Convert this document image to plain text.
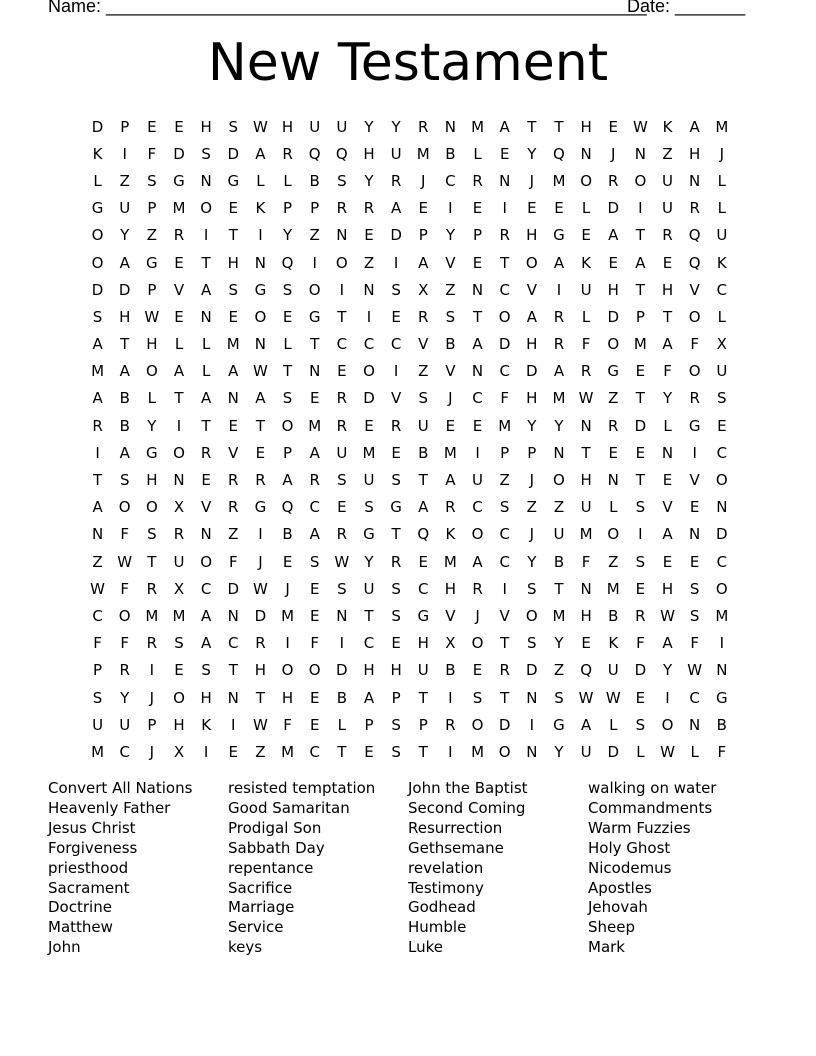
Name: ______________________________________________________
Date: _______
New Testament
D	P	E	E	H	S W H	U	U	Y	Y	R	N	M	A	T	T	H	E W K	A	M
K	I	F	D	S	D	A	R	Q	Q	H	U	M	B	L	E	Y	Q	N	J	N	Z	H	J
L	Z	S	G	N	G	L	L	B	S	Y	R	J	C	R	N	J	M O	R	O	U	N	L
G	U	P	M O	E	K	P	P	R	R	A	E	I	E	I	E	E	L	D	I	U	R	L
O	Y	Z	R	I	T	I	Y	Z	N	E	D	P	Y	P	R	H	G	E	A	T	R	Q	U
O	A	G	E	T	H	N	Q	I	O	Z	I	A	V	E	T	O	A	K	E	A	E	Q	K
D	D	P	V	A	S	G	S	O	I	N	S	X	Z	N	C	V	I	U	H	T	H	V	C
S	H W E	N	E	O	E	G	T	I	E	R	S	T	O	A	R	L	D	P	T	O	L
A	T	H	L	L	M	N	L	T	C	C	C	V	B	A	D	H	R	F	O M	A	F	X
M	A	O	A	L	A W	T	N	E	O	I	Z	V	N	C	D	A	R	G	E	F	O	U
A	B	L	T	A	N	A	S	E	R	D	V	S	J	C	F	H	M W Z	T	Y	R	S
R	B	Y	I	T	E	T	O M	R	E	R	U	E	E	M	Y	Y	N	R	D	L	G	E
I	A	G	O	R	V	E	P	A	U	M	E	B	M	I	P	P	N	T	E	E	N	I	C
T	S	H	N	E	R	R	A	R	S	U	S	T	A	U	Z	J	O	H	N	T	E	V	O
A	O	O	X	V	R	G	Q	C	E	S	G	A	R	C	S	Z	Z	U	L	S	V	E	N
N	F	S	R	N	Z	I	B	A	R	G	T	Q	K	O	C	J	U	M O	I	A	N	D
Z W	T	U	O	F	J	E	S W	Y	R	E	M	A	C	Y	B	F	Z	S	E	E	C
W	F	R	X	C	D W	J	E	S	U	S	C	H	R	I	S	T	N	M	E	H	S	O
C	O M M	A	N	D M	E	N	T	S	G	V	J	V	O M	H	B	R W S	M
F	F	R	S	A	C	R	I	F	I	C	E	H	X	O	T	S	Y	E	K	F	A	F	I
P	R	I	E	S	T	H	O	O	D	H	H	U	B	E	R	D	Z	Q	U	D	Y	W N
S	Y	J	O	H	N	T	H	E	B	A	P	T	I	S	T	N	S W W E	I	C	G
U	U	P	H	K	I	W	F	E	L	P	S	P	R	O	D	I	G	A	L	S	O	N	B
M	C	J	X	I	E	Z	M	C	T	E	S	T	I	M O	N	Y	U	D	L	W	L	F
Convert All Nations
Heavenly Father
Jesus Christ
Forgiveness
priesthood
Sacrament
Doctrine
Matthew
John
resisted temptation
Good Samaritan
Prodigal Son
Sabbath Day
repentance
Sacrifice
Marriage
Service
keys
John the Baptist
Second Coming
Resurrection
Gethsemane
revelation
Testimony
Godhead
Humble
Luke
walking on water
Commandments
Warm Fuzzies
Holy Ghost
Nicodemus
Apostles
Jehovah
Sheep
Mark
